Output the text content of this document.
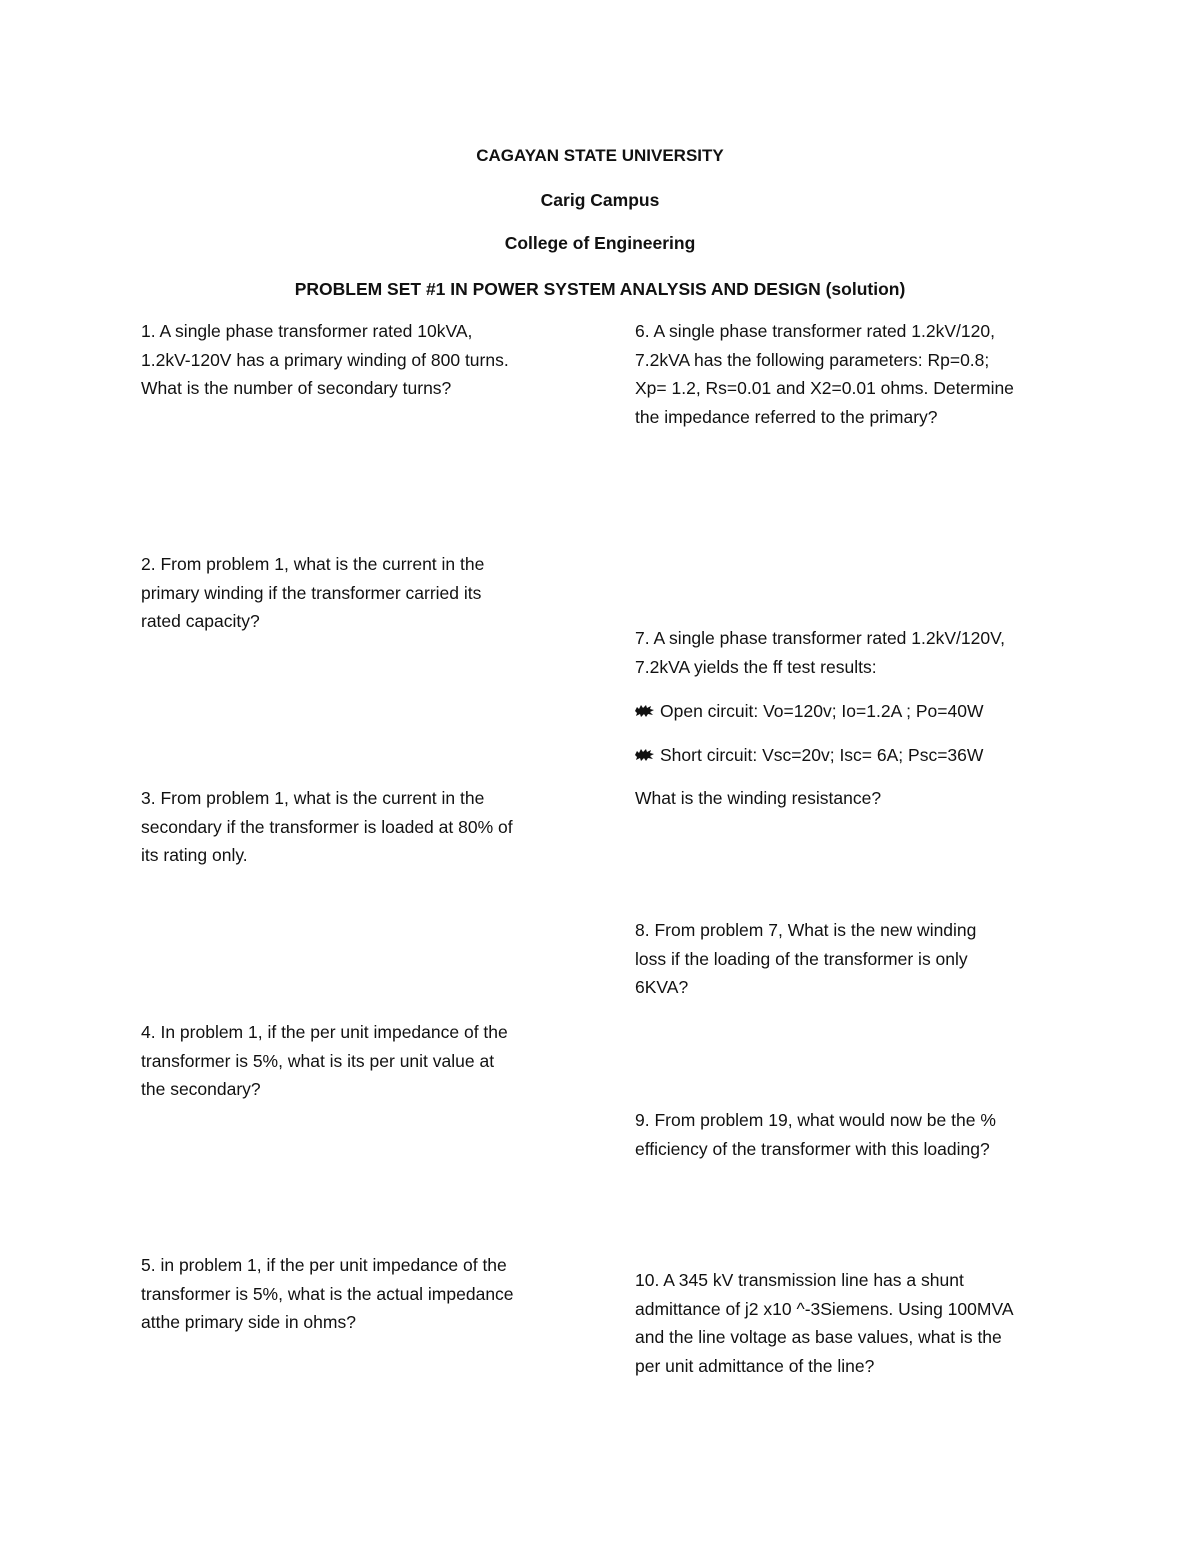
CAGAYAN STATE UNIVERSITY
Carig Campus
College of Engineering
PROBLEM SET #1 IN POWER SYSTEM ANALYSIS AND DESIGN (solution)
1. A single phase transformer rated 10kVA,
1.2kV-120V has a primary winding of 800 turns.
What is the number of secondary turns?
2. From problem 1, what is the current in the
primary winding if the transformer carried its
rated capacity?
3. From problem 1, what is the current in the
secondary if the transformer is loaded at 80% of
its rating only.
4. In problem 1, if the per unit impedance of the
transformer is 5%, what is its per unit value at
the secondary?
5. in problem 1, if the per unit impedance of the
transformer is 5%, what is the actual impedance
atthe primary side in ohms?
6. A single phase transformer rated 1.2kV/120,
7.2kVA has the following parameters: Rp=0.8;
Xp= 1.2, Rs=0.01 and X2=0.01 ohms. Determine
the impedance referred to the primary?
7. A single phase transformer rated 1.2kV/120V,
7.2kVA yields the ff test results:
Open circuit: Vo=120v; Io=1.2A ; Po=40W
Short circuit: Vsc=20v; Isc= 6A; Psc=36W
What is the winding resistance?
8. From problem 7, What is the new winding
loss if the loading of the transformer is only
6KVA?
9. From problem 19, what would now be the %
efficiency of the transformer with this loading?
10. A 345 kV transmission line has a shunt
admittance of j2 x10 ^-3Siemens. Using 100MVA
and the line voltage as base values, what is the
per unit admittance of the line?
